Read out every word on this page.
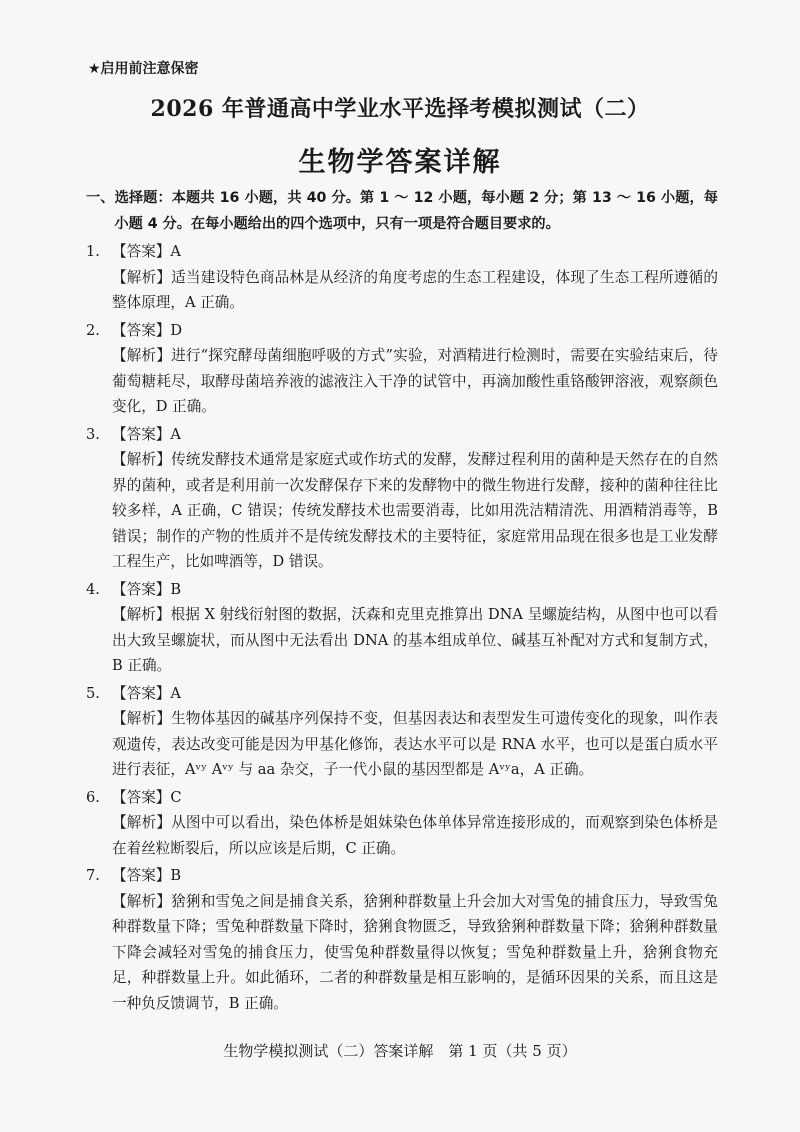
★启用前注意保密
2026 年普通高中学业水平选择考模拟测试（二）
生物学答案详解
一、选择题：本题共 16 小题，共 40 分。第 1 ～ 12 小题，每小题 2 分；第 13 ～ 16 小题，每小题 4 分。在每小题给出的四个选项中，只有一项是符合题目要求的。
1. 【答案】A
【解析】适当建设特色商品林是从经济的角度考虑的生态工程建设，体现了生态工程所遵循的整体原理，A 正确。
2. 【答案】D
【解析】进行“探究酵母菌细胞呼吸的方式”实验，对酒精进行检测时，需要在实验结束后，待葡萄糖耗尽，取酵母菌培养液的滤液注入干净的试管中，再滴加酸性重铬酸钾溶液，观察颜色变化，D 正确。
3. 【答案】A
【解析】传统发酵技术通常是家庭式或作坊式的发酵，发酵过程利用的菌种是天然存在的自然界的菌种，或者是利用前一次发酵保存下来的发酵物中的微生物进行发酵，接种的菌种往往比较多样，A 正确，C 错误；传统发酵技术也需要消毒，比如用洗洁精清洗、用酒精消毒等，B 错误；制作的产物的性质并不是传统发酵技术的主要特征，家庭常用品现在很多也是工业发酵工程生产，比如啤酒等，D 错误。
4. 【答案】B
【解析】根据 X 射线衍射图的数据，沃森和克里克推算出 DNA 呈螺旋结构，从图中也可以看出大致呈螺旋状，而从图中无法看出 DNA 的基本组成单位、碱基互补配对方式和复制方式，B 正确。
5. 【答案】A
【解析】生物体基因的碱基序列保持不变，但基因表达和表型发生可遗传变化的现象，叫作表观遗传，表达改变可能是因为甲基化修饰，表达水平可以是 RNA 水平，也可以是蛋白质水平进行表征，Aᵛʸ Aᵛʸ 与 aa 杂交，子一代小鼠的基因型都是 Aᵛʸa，A 正确。
6. 【答案】C
【解析】从图中可以看出，染色体桥是姐妹染色体单体异常连接形成的，而观察到染色体桥是在着丝粒断裂后，所以应该是后期，C 正确。
7. 【答案】B
【解析】猞猁和雪兔之间是捕食关系，猞猁种群数量上升会加大对雪兔的捕食压力，导致雪兔种群数量下降；雪兔种群数量下降时，猞猁食物匮乏，导致猞猁种群数量下降；猞猁种群数量下降会减轻对雪兔的捕食压力，使雪兔种群数量得以恢复；雪兔种群数量上升，猞猁食物充足，种群数量上升。如此循环，二者的种群数量是相互影响的，是循环因果的关系，而且这是一种负反馈调节，B 正确。
生物学模拟测试（二）答案详解　第 1 页（共 5 页）
